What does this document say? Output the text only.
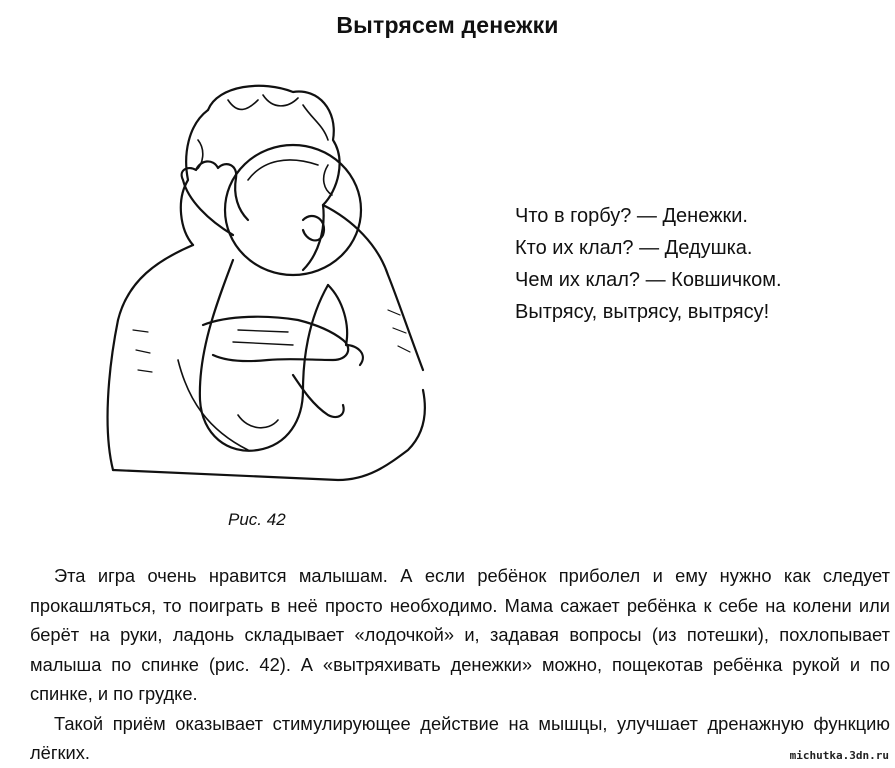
Вытрясем денежки
Что в горбу? — Денежки.
Кто их клал? — Дедушка.
Чем их клал? — Ковшичком.
Вытрясу, вытрясу, вытрясу!
Рис. 42

Эта игра очень нравится малышам. А если ребёнок приболел и ему нужно как следует прокашляться, то поиграть в неё просто необходимо. Мама сажает ребёнка к себе на колени или берёт на руки, ладонь складывает «лодочкой» и, задавая вопросы (из потешки), похлопывает малыша по спинке (рис. 42). А «вытряхивать денежки» можно, пощекотав ребёнка рукой и по спинке, и по грудке.

Такой приём оказывает стимулирующее действие на мышцы, улучшает дренажную функцию лёгких.	michutka.3dn.ru
